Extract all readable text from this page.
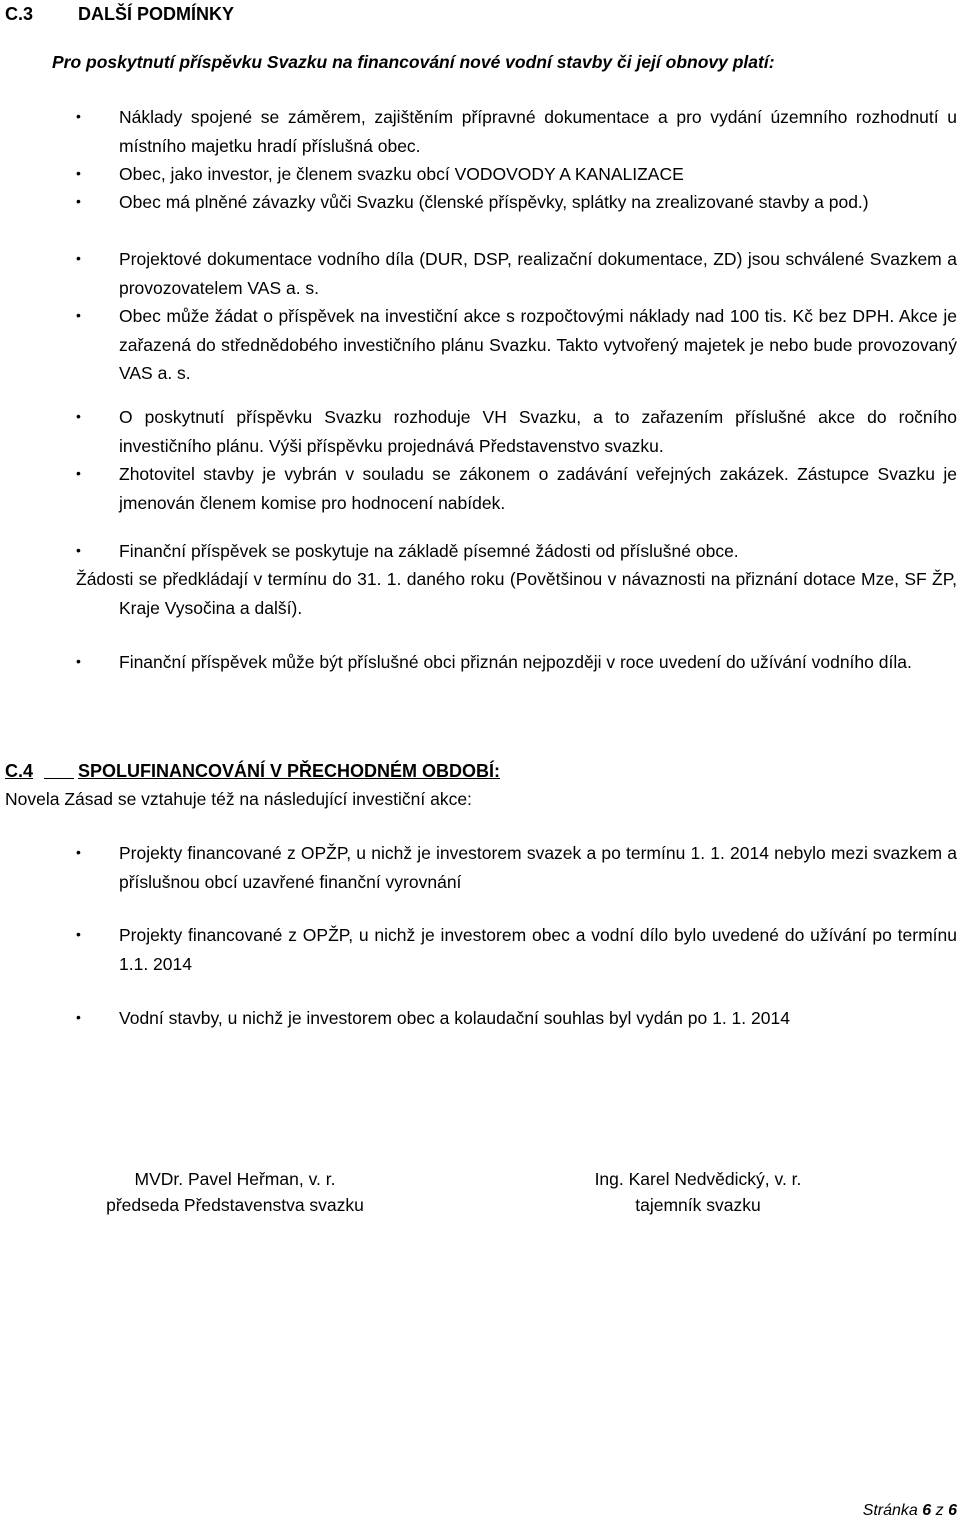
C.3 DALŠÍ PODMÍNKY
Pro poskytnutí příspěvku Svazku na financování nové vodní stavby či její obnovy platí:
• Náklady spojené se záměrem, zajištěním přípravné dokumentace a pro vydání územního rozhodnutí u místního majetku hradí příslušná obec.
• Obec, jako investor, je členem svazku obcí VODOVODY A KANALIZACE
• Obec má plněné závazky vůči Svazku (členské příspěvky, splátky na zrealizované stavby a pod.)
• Projektové dokumentace vodního díla (DUR, DSP, realizační dokumentace, ZD) jsou schválené Svazkem a provozovatelem VAS a. s.
• Obec může žádat o příspěvek na investiční akce s rozpočtovými náklady nad 100 tis. Kč bez DPH. Akce je zařazená do střednědobého investičního plánu Svazku. Takto vytvořený majetek je nebo bude provozovaný VAS a. s.
• O poskytnutí příspěvku Svazku rozhoduje VH Svazku, a to zařazením příslušné akce do ročního investičního plánu. Výši příspěvku projednává Představenstvo svazku.
• Zhotovitel stavby je vybrán v souladu se zákonem o zadávání veřejných zakázek. Zástupce Svazku je jmenován členem komise pro hodnocení nabídek.
• Finanční příspěvek se poskytuje na základě písemné žádosti od příslušné obce.
Žádosti se předkládají v termínu do 31. 1. daného roku (Povětšinou v návaznosti na přiznání dotace Mze, SF ŽP, Kraje Vysočina a další).
• Finanční příspěvek může být příslušné obci přiznán nejpozději v roce uvedení do užívání vodního díla.
C.4
SPOLUFINANCOVÁNÍ V PŘECHODNÉM OBDOBÍ:
Novela Zásad se vztahuje též na následující investiční akce:
• Projekty financované z OPŽP, u nichž je investorem svazek a po termínu 1. 1. 2014 nebylo mezi svazkem a příslušnou obcí uzavřené finanční vyrovnání
• Projekty financované z OPŽP, u nichž je investorem obec a vodní dílo bylo uvedené do užívání po termínu 1.1. 2014
• Vodní stavby, u nichž je investorem obec a kolaudační souhlas byl vydán po 1. 1. 2014
MVDr. Pavel Heřman, v. r.
předseda Představenstva svazku
Ing. Karel Nedvědický, v. r.
tajemník svazku
Stránka 6 z 6
